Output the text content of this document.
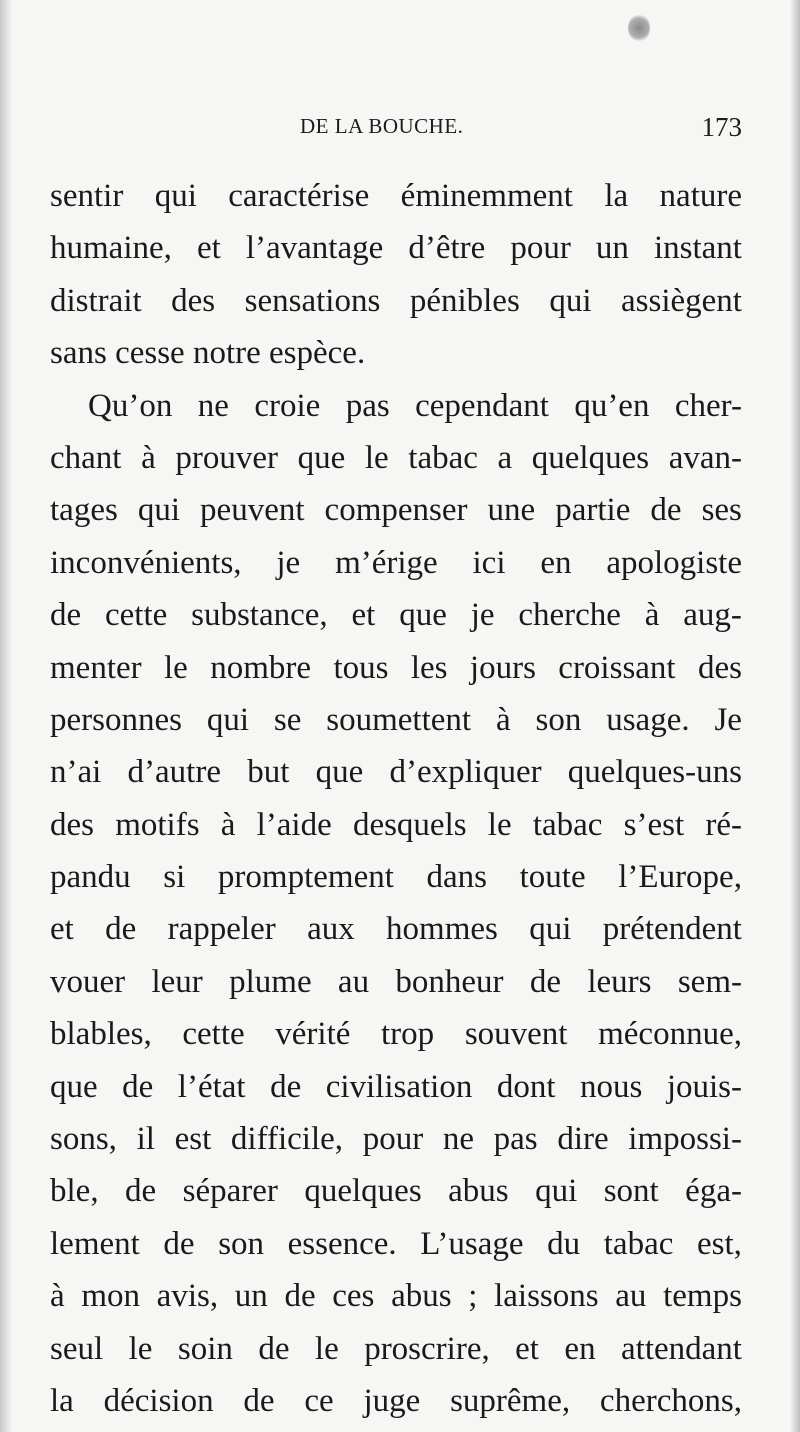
DE LA BOUCHE.	173
sentir qui caractérise éminemment la nature
humaine, et l’avantage d’être pour un instant
distrait des sensations pénibles qui assiègent
sans cesse notre espèce.
Qu’on ne croie pas cependant qu’en cher-
chant à prouver que le tabac a quelques avan-
tages qui peuvent compenser une partie de ses
inconvénients, je m’érige ici en apologiste
de cette substance, et que je cherche à aug-
menter le nombre tous les jours croissant des
personnes qui se soumettent à son usage. Je
n’ai d’autre but que d’expliquer quelques-uns
des motifs à l’aide desquels le tabac s’est ré-
pandu si promptement dans toute l’Europe,
et de rappeler aux hommes qui prétendent
vouer leur plume au bonheur de leurs sem-
blables, cette vérité trop souvent méconnue,
que de l’état de civilisation dont nous jouis-
sons, il est difficile, pour ne pas dire impossi-
ble, de séparer quelques abus qui sont éga-
lement de son essence. L’usage du tabac est,
à mon avis, un de ces abus ; laissons au temps
seul le soin de le proscrire, et en attendant
la décision de ce juge suprême, cherchons,
